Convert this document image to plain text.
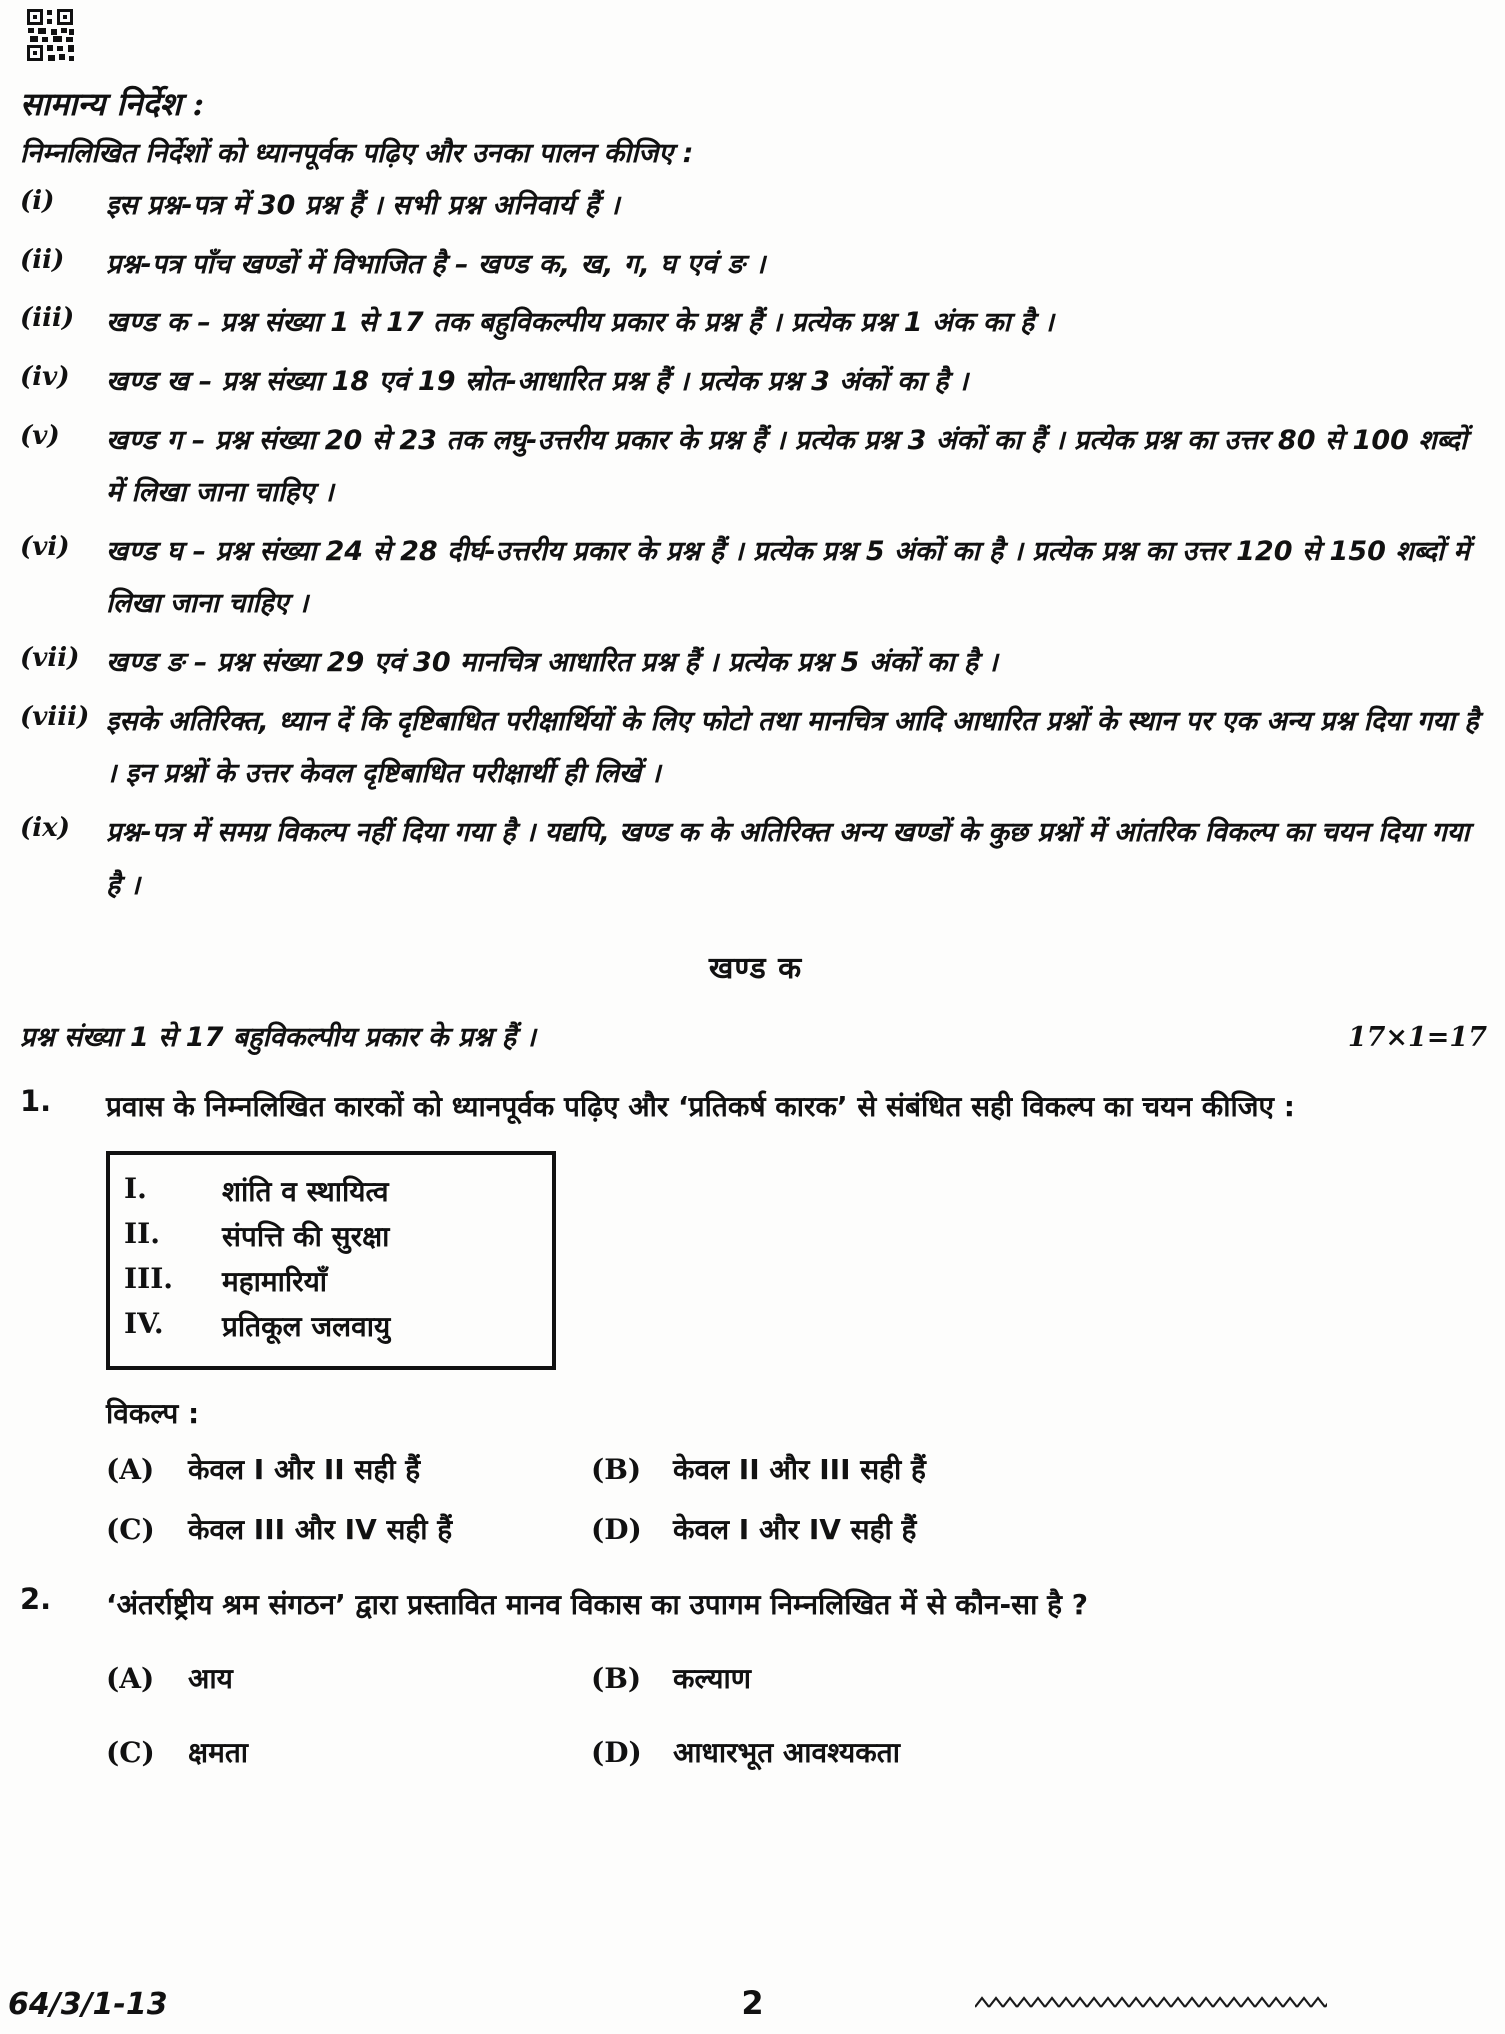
सामान्य निर्देश :
निम्नलिखित निर्देशों को ध्यानपूर्वक पढ़िए और उनका पालन कीजिए :
(i)	इस प्रश्न-पत्र में 30 प्रश्न हैं । सभी प्रश्न अनिवार्य हैं ।
(ii)	प्रश्न-पत्र पाँच खण्डों में विभाजित है – खण्ड क, ख, ग, घ एवं ङ ।
(iii)	खण्ड क – प्रश्न संख्या 1 से 17 तक बहुविकल्पीय प्रकार के प्रश्न हैं । प्रत्येक प्रश्न 1 अंक का है ।
(iv)	खण्ड ख – प्रश्न संख्या 18 एवं 19 स्रोत-आधारित प्रश्न हैं । प्रत्येक प्रश्न 3 अंकों का है ।
(v)	खण्ड ग – प्रश्न संख्या 20 से 23 तक लघु-उत्तरीय प्रकार के प्रश्न हैं । प्रत्येक प्रश्न 3 अंकों का हैं । प्रत्येक प्रश्न का उत्तर 80 से 100 शब्दों में लिखा जाना चाहिए ।
(vi)	खण्ड घ – प्रश्न संख्या 24 से 28 दीर्घ-उत्तरीय प्रकार के प्रश्न हैं । प्रत्येक प्रश्न 5 अंकों का है । प्रत्येक प्रश्न का उत्तर 120 से 150 शब्दों में लिखा जाना चाहिए ।
(vii) खण्ड ङ – प्रश्न संख्या 29 एवं 30 मानचित्र आधारित प्रश्न हैं । प्रत्येक प्रश्न 5 अंकों का है ।
(viii) इसके अतिरिक्त, ध्यान दें कि दृष्टिबाधित परीक्षार्थियों के लिए फोटो तथा मानचित्र आदि आधारित प्रश्नों के स्थान पर एक अन्य प्रश्न दिया गया है । इन प्रश्नों के उत्तर केवल दृष्टिबाधित परीक्षार्थी ही लिखें ।
(ix)	प्रश्न-पत्र में समग्र विकल्प नहीं दिया गया है । यद्यपि, खण्ड क के अतिरिक्त अन्य खण्डों के कुछ प्रश्नों में आंतरिक विकल्प का चयन दिया गया है ।
खण्ड क
प्रश्न संख्या 1 से 17 बहुविकल्पीय प्रकार के प्रश्न हैं ।	17×1=17
1.	प्रवास के निम्नलिखित कारकों को ध्यानपूर्वक पढ़िए और ‘प्रतिकर्ष कारक’ से संबंधित सही विकल्प का चयन कीजिए :
I.	शांति व स्थायित्व
II.	संपत्ति की सुरक्षा
III.	महामारियाँ
IV.	प्रतिकूल जलवायु
विकल्प :
(A)	केवल I और II सही हैं	(B)	केवल II और III सही हैं
(C)	केवल III और IV सही हैं	(D)	केवल I और IV सही हैं
2.	‘अंतर्राष्ट्रीय श्रम संगठन’ द्वारा प्रस्तावित मानव विकास का उपागम निम्नलिखित में से कौन-सा है ?
(A)	आय	(B)	कल्याण
(C)	क्षमता	(D)	आधारभूत आवश्यकता
64/3/1-13	2
